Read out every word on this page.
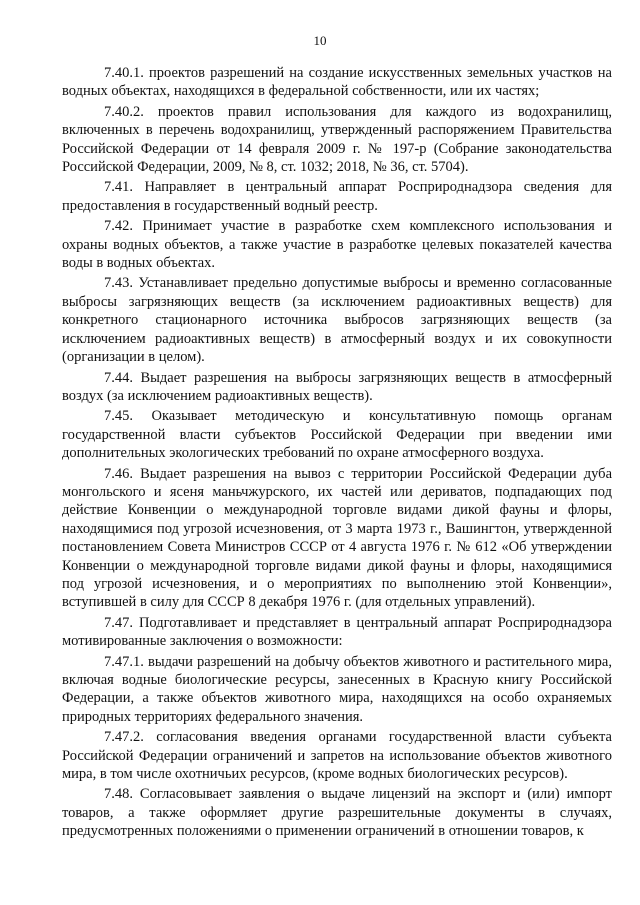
10

7.40.1. проектов разрешений на создание искусственных земельных участков на водных объектах, находящихся в федеральной собственности, или их частях;

7.40.2. проектов правил использования для каждого из водохранилищ, включенных в перечень водохранилищ, утвержденный распоряжением Правительства Российской Федерации от 14 февраля 2009 г. № 197-р (Собрание законодательства Российской Федерации, 2009, № 8, ст. 1032; 2018, № 36, ст. 5704).

7.41. Направляет в центральный аппарат Росприроднадзора сведения для предоставления в государственный водный реестр.

7.42. Принимает участие в разработке схем комплексного использования и охраны водных объектов, а также участие в разработке целевых показателей качества воды в водных объектах.

7.43. Устанавливает предельно допустимые выбросы и временно согласованные выбросы загрязняющих веществ (за исключением радиоактивных веществ) для конкретного стационарного источника выбросов загрязняющих веществ (за исключением радиоактивных веществ) в атмосферный воздух и их совокупности (организации в целом).

7.44. Выдает разрешения на выбросы загрязняющих веществ в атмосферный воздух (за исключением радиоактивных веществ).

7.45. Оказывает методическую и консультативную помощь органам государственной власти субъектов Российской Федерации при введении ими дополнительных экологических требований по охране атмосферного воздуха.

7.46. Выдает разрешения на вывоз с территории Российской Федерации дуба монгольского и ясеня маньчжурского, их частей или дериватов, подпадающих под действие Конвенции о международной торговле видами дикой фауны и флоры, находящимися под угрозой исчезновения, от 3 марта 1973 г., Вашингтон, утвержденной постановлением Совета Министров СССР от 4 августа 1976 г. № 612 «Об утверждении Конвенции о международной торговле видами дикой фауны и флоры, находящимися под угрозой исчезновения, и о мероприятиях по выполнению этой Конвенции», вступившей в силу для СССР 8 декабря 1976 г. (для отдельных управлений).

7.47. Подготавливает и представляет в центральный аппарат Росприроднадзора мотивированные заключения о возможности:

7.47.1. выдачи разрешений на добычу объектов животного и растительного мира, включая водные биологические ресурсы, занесенных в Красную книгу Российской Федерации, а также объектов животного мира, находящихся на особо охраняемых природных территориях федерального значения.

7.47.2. согласования введения органами государственной власти субъекта Российской Федерации ограничений и запретов на использование объектов животного мира, в том числе охотничьих ресурсов, (кроме водных биологических ресурсов).

7.48. Согласовывает заявления о выдаче лицензий на экспорт и (или) импорт товаров, а также оформляет другие разрешительные документы в случаях, предусмотренных положениями о применении ограничений в отношении товаров, к
